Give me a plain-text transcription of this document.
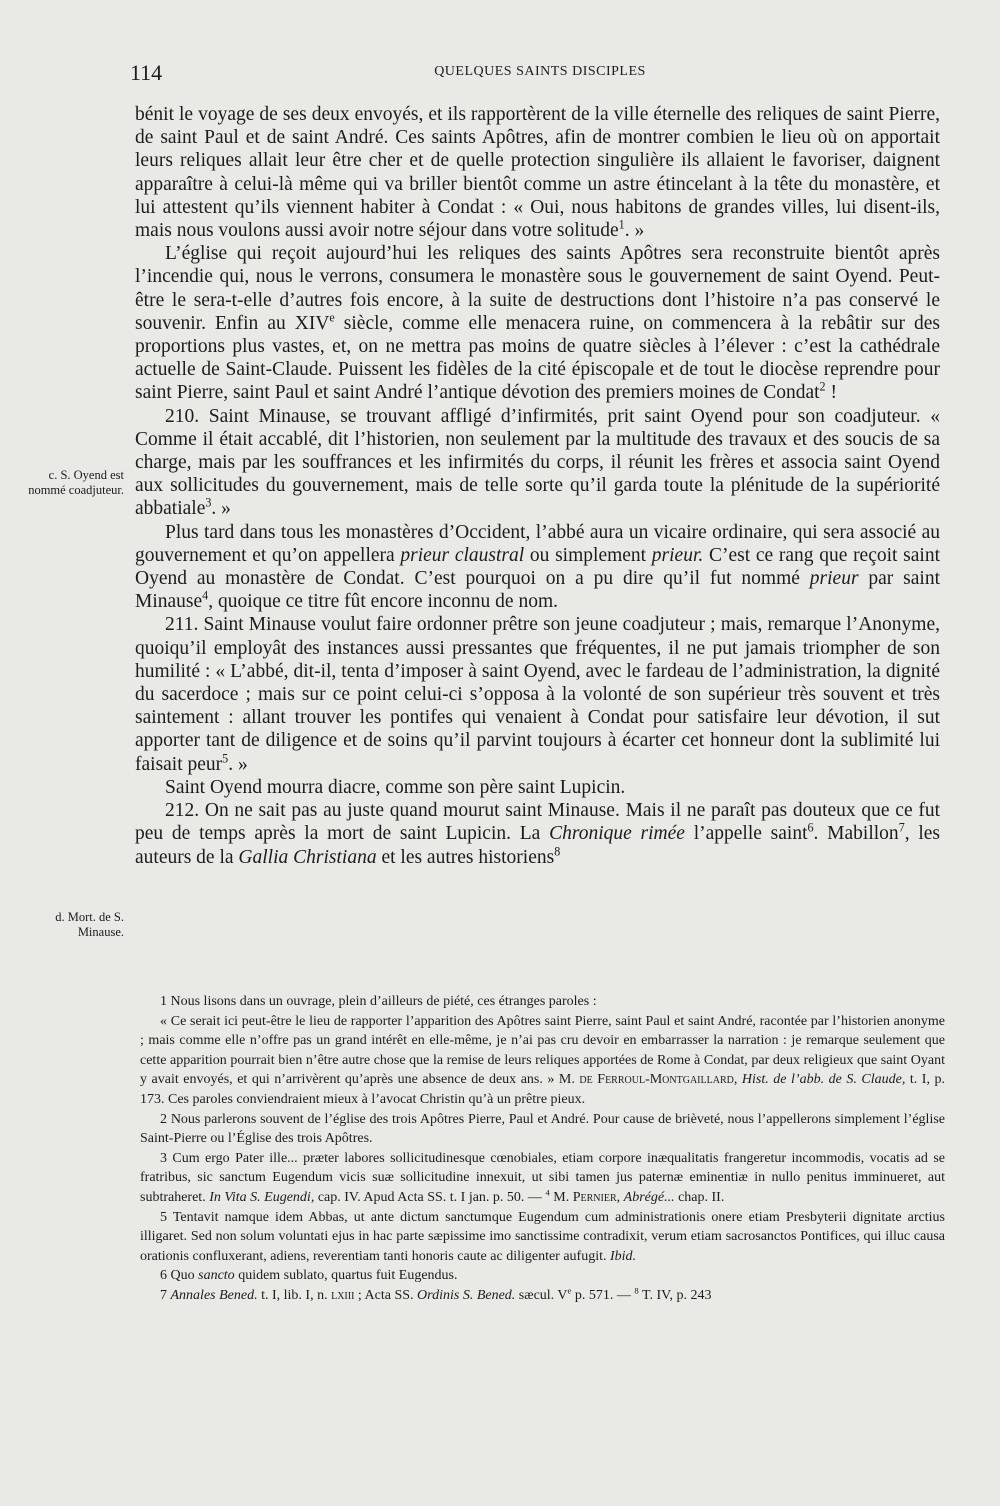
114	QUELQUES SAINTS DISCIPLES
c. S. Oyend est nommé coadjuteur.
d. Mort. de S. Minause.

bénit le voyage de ses deux envoyés, et ils rapportèrent de la ville éternelle des reliques de saint Pierre, de saint Paul et de saint André. Ces saints Apôtres, afin de montrer combien le lieu où on apportait leurs reliques allait leur être cher et de quelle protection singulière ils allaient le favoriser, daignent apparaître à celui-là même qui va briller bientôt comme un astre étincelant à la tête du monastère, et lui attestent qu’ils viennent habiter à Condat : « Oui, nous habitons de grandes villes, lui disent-ils, mais nous voulons aussi avoir notre séjour dans votre solitude$^1$. »

L’église qui reçoit aujourd’hui les reliques des saints Apôtres sera reconstruite bientôt après l’incendie qui, nous le verrons, consumera le monastère sous le gouvernement de saint Oyend. Peut-être le sera-t-elle d’autres fois encore, à la suite de destructions dont l’histoire n’a pas conservé le souvenir. Enfin au XIVe siècle, comme elle menacera ruine, on commencera à la rebâtir sur des proportions plus vastes, et, on ne mettra pas moins de quatre siècles à l’élever : c’est la cathédrale actuelle de Saint-Claude. Puissent les fidèles de la cité épiscopale et de tout le diocèse reprendre pour saint Pierre, saint Paul et saint André l’antique dévotion des premiers moines de Condat$^2$ !

210. Saint Minause, se trouvant affligé d’infirmités, prit saint Oyend pour son coadjuteur. « Comme il était accablé, dit l’historien, non seulement par la multitude des travaux et des soucis de sa charge, mais par les souffrances et les infirmités du corps, il réunit les frères et associa saint Oyend aux sollicitudes du gouvernement, mais de telle sorte qu’il garda toute la plénitude de la supériorité abbatiale$^3$. »

Plus tard dans tous les monastères d’Occident, l’abbé aura un vicaire ordinaire, qui sera associé au gouvernement et qu’on appellera prieur claustral ou simplement prieur. C’est ce rang que reçoit saint Oyend au monastère de Condat. C’est pourquoi on a pu dire qu’il fut nommé prieur par saint Minause$^4$, quoique ce titre fût encore inconnu de nom.

211. Saint Minause voulut faire ordonner prêtre son jeune coadjuteur ; mais, remarque l’Anonyme, quoiqu’il employât des instances aussi pressantes que fréquentes, il ne put jamais triompher de son humilité : « L’abbé, dit-il, tenta d’imposer à saint Oyend, avec le fardeau de l’administration, la dignité du sacerdoce ; mais sur ce point celui-ci s’opposa à la volonté de son supérieur très souvent et très saintement : allant trouver les pontifes qui venaient à Condat pour satisfaire leur dévotion, il sut apporter tant de diligence et de soins qu’il parvint toujours à écarter cet honneur dont la sublimité lui faisait peur$^5$. »

Saint Oyend mourra diacre, comme son père saint Lupicin.

212. On ne sait pas au juste quand mourut saint Minause. Mais il ne paraît pas douteux que ce fut peu de temps après la mort de saint Lupicin. La Chronique rimée l’appelle saint$^6$. Mabillon$^7$, les auteurs de la Gallia Christiana et les autres historiens$^8$

1 Nous lisons dans un ouvrage, plein d’ailleurs de piété, ces étranges paroles :

« Ce serait ici peut-être le lieu de rapporter l’apparition des Apôtres saint Pierre, saint Paul et saint André, racontée par l’historien anonyme ; mais comme elle n’offre pas un grand intérêt en elle-même, je n’ai pas cru devoir en embarrasser la narration : je remarque seulement que cette apparition pourrait bien n’être autre chose que la remise de leurs reliques apportées de Rome à Condat, par deux religieux que saint Oyant y avait envoyés, et qui n’arrivèrent qu’après une absence de deux ans. » M. de Ferroul-Montgaillard, Hist. de l’abb. de S. Claude, t. I, p. 173. Ces paroles conviendraient mieux à l’avocat Christin qu’à un prêtre pieux.

2 Nous parlerons souvent de l’église des trois Apôtres Pierre, Paul et André. Pour cause de brièveté, nous l’appellerons simplement l’église Saint-Pierre ou l’Église des trois Apôtres.

3 Cum ergo Pater ille... præter labores sollicitudinesque cœnobiales, etiam corpore inæqualitatis frangeretur incommodis, vocatis ad se fratribus, sic sanctum Eugendum vicis suæ sollicitudine innexuit, ut sibi tamen jus paternæ eminentiæ in nullo penitus imminueret, aut subtraheret. In Vita S. Eugendi, cap. IV. Apud Acta SS. t. I jan. p. 50. — $^4$ M. Pernier, Abrégé... chap. II.

5 Tentavit namque idem Abbas, ut ante dictum sanctumque Eugendum cum administrationis onere etiam Presbyterii dignitate arctius illigaret. Sed non solum voluntati ejus in hac parte sæpissime imo sanctissime contradixit, verum etiam sacrosanctos Pontifices, qui illuc causa orationis confluxerant, adiens, reverentiam tanti honoris caute ac diligenter aufugit. Ibid.

6 Quo sancto quidem sublato, quartus fuit Eugendus.

7 Annales Bened. t. I, lib. I, n. lxiii ; Acta SS. Ordinis S. Bened. sæcul. Ve p. 571. — $^8$ T. IV, p. 243
